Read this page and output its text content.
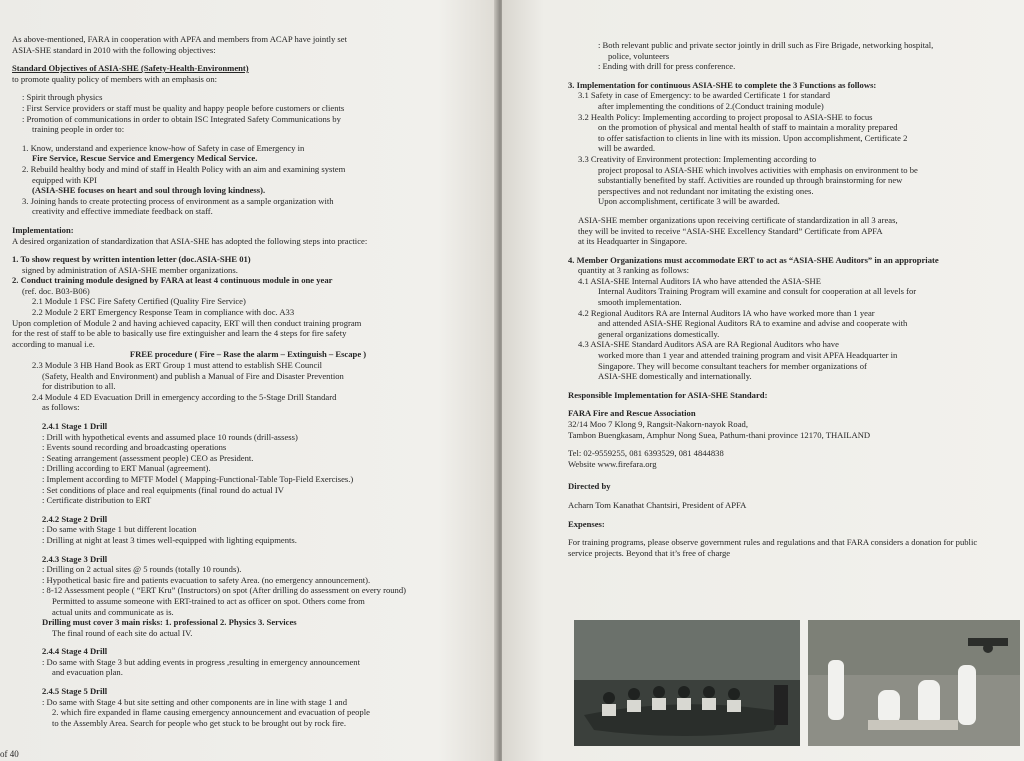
As above-mentioned, FARA in cooperation with APFA and members from ACAP have jointly set

ASIA-SHE standard in 2010 with the following objectives:

Standard Objectives of ASIA-SHE (Safety-Health-Environment)

to promote quality policy of members with an emphasis on:

: Spirit through physics

: First Service providers or staff must be quality and happy people before customers or clients

: Promotion of communications in order to obtain ISC Integrated Safety Communications by

training people in order to:

1. Know, understand and experience know-how of Safety in case of Emergency in

Fire Service, Rescue Service and Emergency Medical Service.

2. Rebuild healthy body and mind of staff in Health Policy with an aim and examining system

equipped with KPI

(ASIA-SHE focuses on heart and soul through loving kindness).

3. Joining hands to create protecting process of environment as a sample organization with

creativity and effective immediate feedback on staff.

Implementation:

A desired organization of standardization that ASIA-SHE has adopted the following steps into practice:

1. To show request by written intention letter (doc.ASIA-SHE 01)

signed by administration of ASIA-SHE member organizations.

2. Conduct training module designed by FARA at least 4 continuous module in one year

(ref. doc. B03-B06)

2.1 Module 1 FSC Fire Safety Certified (Quality Fire Service)

2.2 Module 2 ERT Emergency Response Team in compliance with doc. A33

Upon completion of Module 2 and having achieved capacity, ERT will then conduct training program

for the rest of staff to be able to basically use fire extinguisher and learn the 4 steps for fire safety

according to manual i.e.

FREE procedure ( Fire – Rase the alarm – Extinguish – Escape )

2.3 Module 3 HB Hand Book as ERT Group 1 must attend to establish SHE Council

(Safety, Health and Environment) and publish a Manual of Fire and Disaster Prevention

for distribution to all.

2.4 Module 4 ED Evacuation Drill in emergency according to the 5-Stage Drill Standard

as follows:

2.4.1 Stage 1 Drill

: Drill with hypothetical events and assumed place 10 rounds (drill-assess)

: Events sound recording and broadcasting operations

: Seating arrangement (assessment people) CEO as President.

: Drilling according to ERT Manual (agreement).

: Implement according to MFTF Model ( Mapping-Functional-Table Top-Field Exercises.)

: Set conditions of place and real equipments (final round do actual IV

: Certificate distribution to ERT

2.4.2 Stage 2 Drill

: Do same with Stage 1 but different location

: Drilling at night at least 3 times well-equipped with lighting equipments.

2.4.3 Stage 3 Drill

: Drilling on 2 actual sites @ 5 rounds (totally 10 rounds).

: Hypothetical basic fire and patients evacuation to safety Area. (no emergency announcement).

: 8-12 Assessment people ( “ERT Kru” (Instructors) on spot (After drilling do assessment on every round)

Permitted to assume someone with ERT-trained to act as officer on spot. Others come from

actual units and communicate as is.

Drilling must cover 3 main risks: 1. professional 2. Physics 3. Services

The final round of each site do actual IV.

2.4.4 Stage 4 Drill

: Do same with Stage 3 but adding events in progress ,resulting in emergency announcement

and evacuation plan.

2.4.5 Stage 5 Drill

: Do same with Stage 4 but site setting and other components are in line with stage 1 and

2. which fire expanded in flame causing emergency announcement and evacuation of people

to the Assembly Area. Search for people who get stuck to be brought out by rock fire.

of 40

: Both relevant public and private sector jointly in drill such as Fire Brigade, networking hospital,

police, volunteers

: Ending with drill for press conference.

3. Implementation for continuous ASIA-SHE to complete the 3 Functions as follows:

3.1 Safety in case of Emergency: to be awarded Certificate 1 for standard

after implementing the conditions of 2.(Conduct training module)

3.2 Health Policy: Implementing according to project proposal to ASIA-SHE to focus

on the promotion of physical and mental health of staff to maintain a morality prepared

to offer satisfaction to clients in line with its mission. Upon accomplishment, Certificate 2

will be awarded.

3.3 Creativity of Environment protection: Implementing according to

project proposal to ASIA-SHE which involves activities with emphasis on environment to be

substantially benefited by staff. Activities are rounded up through brainstorming for new

perspectives and not redundant nor imitating the existing ones.

Upon accomplishment, certificate 3 will be awarded.

ASIA-SHE member organizations upon receiving certificate of standardization in all 3 areas,

they will be invited to receive “ASIA-SHE Excellency Standard” Certificate from APFA

at its Headquarter in Singapore.

4. Member Organizations must accommodate ERT to act as “ASIA-SHE Auditors” in an appropriate

quantity at 3 ranking as follows:

4.1 ASIA-SHE Internal Auditors IA who have attended the ASIA-SHE

Internal Auditors Training Program will examine and consult for cooperation at all levels for

smooth implementation.

4.2 Regional Auditors RA are Internal Auditors IA who have worked more than 1 year

and attended ASIA-SHE Regional Auditors RA to examine and advise and cooperate with

general organizations domestically.

4.3 ASIA-SHE Standard Auditors ASA are RA Regional Auditors who have

worked more than 1 year and attended training program and visit APFA Headquarter in

Singapore. They will become consultant teachers for member organizations of

ASIA-SHE domestically and internationally.

Responsible Implementation for ASIA-SHE Standard:

FARA Fire and Rescue Association

32/14 Moo 7 Klong 9, Rangsit-Nakorn-nayok Road,

Tambon Buengkasam, Amphur Nong Suea, Pathum-thani province 12170, THAILAND

Tel: 02-9559255, 081 6393529, 081 4844838

Website www.firefara.org

Directed by

Acharn Tom Kanathat Chantsiri, President of APFA

Expenses:

For training programs, please observe government rules and regulations and that FARA considers a donation for public

service projects. Beyond that it’s free of charge
